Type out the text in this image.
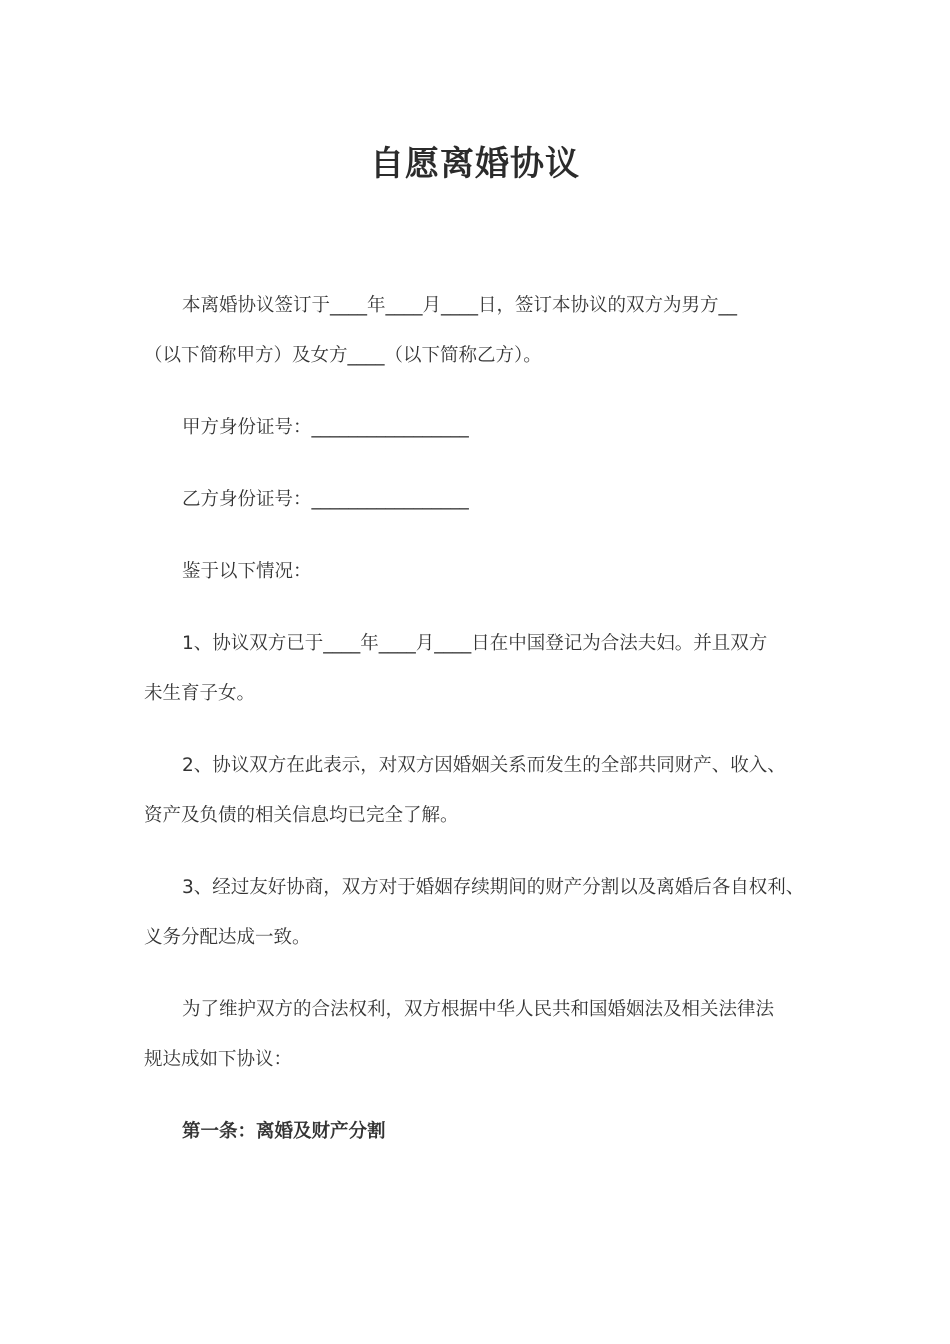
自愿离婚协议
本离婚协议签订于____年____月____日，签订本协议的双方为男方__
（以下简称甲方）及女方____（以下简称乙方）。
甲方身份证号：_________________
乙方身份证号：_________________
鉴于以下情况：
1、协议双方已于____年____月____日在中国登记为合法夫妇。并且双方
未生育子女。
2、协议双方在此表示，对双方因婚姻关系而发生的全部共同财产、收入、
资产及负债的相关信息均已完全了解。
3、经过友好协商，双方对于婚姻存续期间的财产分割以及离婚后各自权利、
义务分配达成一致。
为了维护双方的合法权利，双方根据中华人民共和国婚姻法及相关法律法
规达成如下协议：
第一条：离婚及财产分割
